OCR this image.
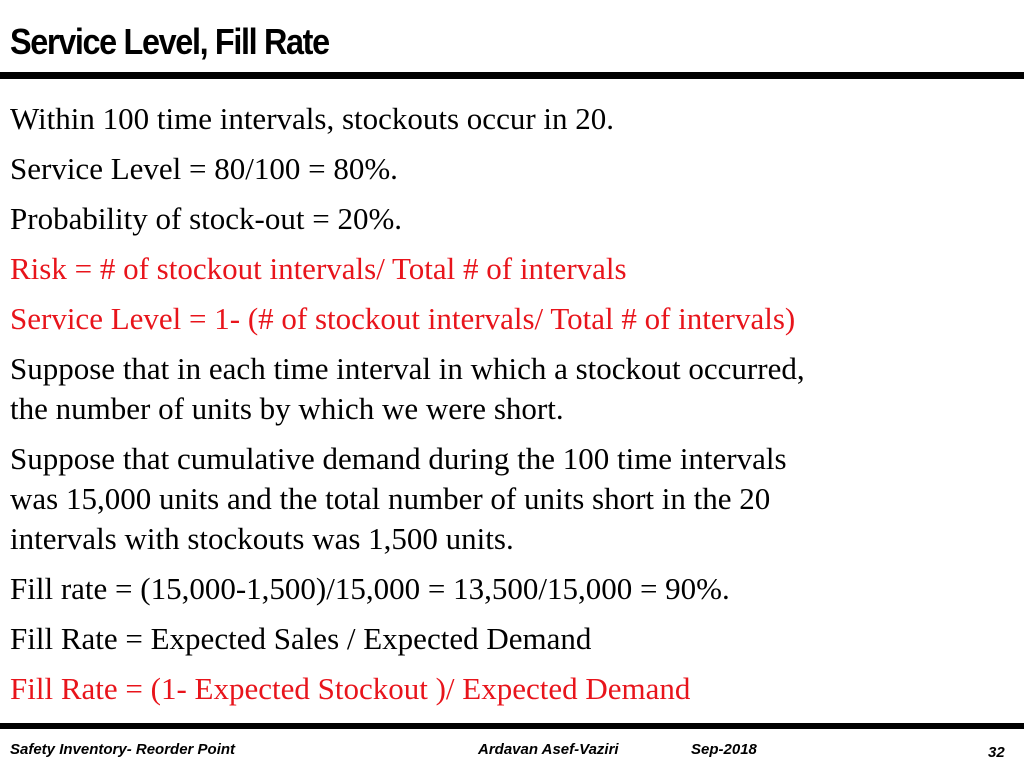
Service Level, Fill Rate
Within 100 time intervals, stockouts occur in 20.
Service Level = 80/100 = 80%.
Probability of stock-out = 20%.
Risk = # of stockout intervals/ Total # of intervals
Service Level = 1- (# of stockout intervals/ Total # of intervals)
Suppose that in each time interval in which a stockout occurred,
the number of units by which we were short.
Suppose that cumulative demand during the 100 time intervals
was 15,000 units and the total number of units short in the 20
intervals with stockouts was 1,500 units.
Fill rate = (15,000-1,500)/15,000 = 13,500/15,000 = 90%.
Fill Rate = Expected Sales / Expected Demand
Fill Rate = (1- Expected Stockout )/ Expected Demand
Safety Inventory- Reorder Point	Ardavan Asef-Vaziri	Sep-2018	32
